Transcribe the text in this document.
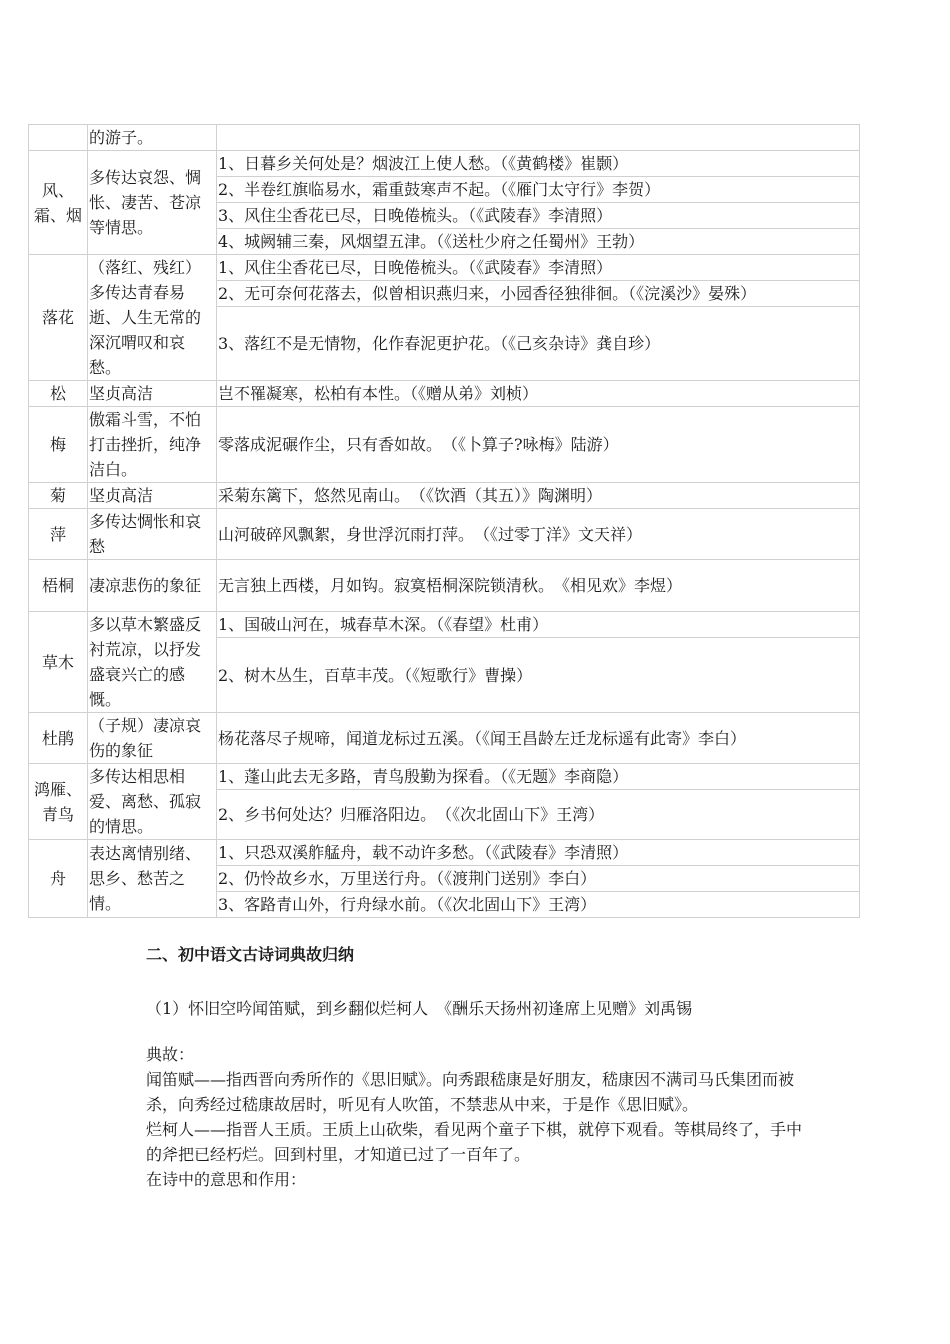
	的游子。	
风、霜、烟	多传达哀怨、惆怅、凄苦、苍凉等情思。	1、日暮乡关何处是？烟波江上使人愁。（《黄鹤楼》崔颢）
		2、半卷红旗临易水，霜重鼓寒声不起。（《雁门太守行》李贺）
		3、风住尘香花已尽，日晚倦梳头。（《武陵春》李清照）
		4、城阙辅三秦，风烟望五津。（《送杜少府之任蜀州》王勃）
落花	（落红、残红）多传达青春易逝、人生无常的深沉喟叹和哀愁。	1、风住尘香花已尽，日晚倦梳头。（《武陵春》李清照）
		2、无可奈何花落去，似曾相识燕归来，小园香径独徘徊。（《浣溪沙》晏殊）
		3、落红不是无情物，化作春泥更护花。（《己亥杂诗》龚自珍）
松	坚贞高洁	岂不罹凝寒，松柏有本性。（《赠从弟》刘桢）
梅	傲霜斗雪，不怕打击挫折，纯净洁白。	零落成泥碾作尘，只有香如故。　（《卜算子?咏梅》陆游）
菊	坚贞高洁	采菊东篱下，悠然见南山。　（《饮酒（其五）》陶渊明）
萍	多传达惆怅和哀愁	山河破碎风飘絮，身世浮沉雨打萍。　（《过零丁洋》文天祥）
梧桐	凄凉悲伤的象征	无言独上西楼，月如钩。寂寞梧桐深院锁清秋。　《相见欢》李煜）
草木	多以草木繁盛反衬荒凉，以抒发盛衰兴亡的感慨。	1、国破山河在，城春草木深。（《春望》杜甫）
		2、树木丛生，百草丰茂。（《短歌行》曹操）
杜鹃	（子规）凄凉哀伤的象征	杨花落尽子规啼，闻道龙标过五溪。（《闻王昌龄左迁龙标遥有此寄》李白）
鸿雁、青鸟	多传达相思相爱、离愁、孤寂的情思。	1、蓬山此去无多路，青鸟殷勤为探看。（《无题》李商隐）
		2、乡书何处达？归雁洛阳边。　（《次北固山下》王湾）
舟	表达离情别绪、思乡、愁苦之情。	1、只恐双溪舴艋舟，载不动许多愁。（《武陵春》李清照）
		2、仍怜故乡水，万里送行舟。（《渡荆门送别》李白）
		3、客路青山外，行舟绿水前。（《次北固山下》王湾）
二、初中语文古诗词典故归纳
（1）怀旧空吟闻笛赋，到乡翻似烂柯人　《酬乐天扬州初逢席上见赠》刘禹锡

典故：

闻笛赋——指西晋向秀所作的《思旧赋》。向秀跟嵇康是好朋友，嵇康因不满司马氏集团而被杀，向秀经过嵇康故居时，听见有人吹笛，不禁悲从中来，于是作《思旧赋》。

烂柯人——指晋人王质。王质上山砍柴，看见两个童子下棋，就停下观看。等棋局终了，手中的斧把已经朽烂。回到村里，才知道已过了一百年了。

在诗中的意思和作用：
